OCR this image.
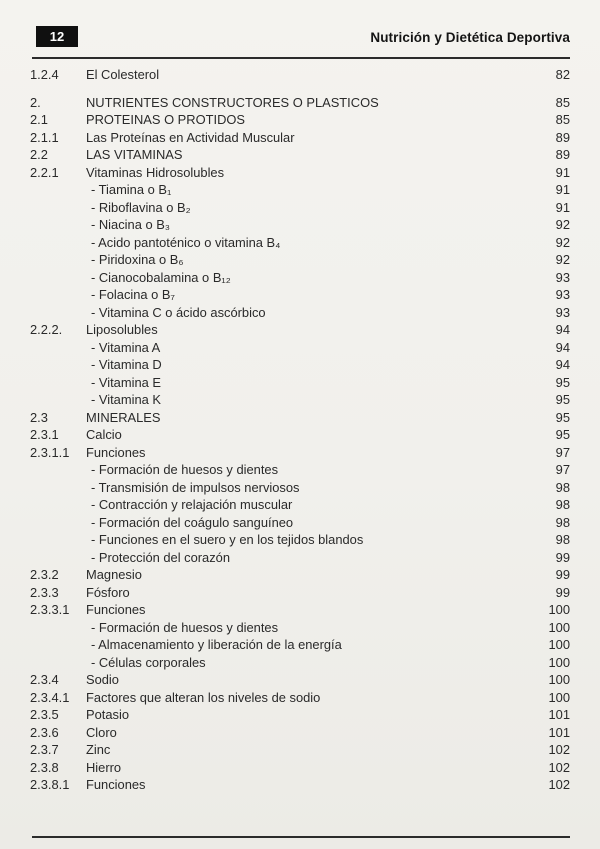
12	Nutrición y Dietética Deportiva
1.2.4	El Colesterol	82
2.	NUTRIENTES CONSTRUCTORES O PLASTICOS	85
2.1	PROTEINAS O PROTIDOS	85
2.1.1	Las Proteínas en Actividad Muscular	89
2.2	LAS VITAMINAS	89
2.2.1	Vitaminas Hidrosolubles	91
- Tiamina o B₁	91
- Riboflavina o B₂	91
- Niacina o B₃	92
- Acido pantoténico o vitamina B₄	92
- Piridoxina o B₆	92
- Cianocobalamina o B₁₂	93
- Folacina o B₇	93
- Vitamina C o ácido ascórbico	93
2.2.2.	Liposolubles	94
- Vitamina A	94
- Vitamina D	94
- Vitamina E	95
- Vitamina K	95
2.3	MINERALES	95
2.3.1	Calcio	95
2.3.1.1	Funciones	97
- Formación de huesos y dientes	97
- Transmisión de impulsos nerviosos	98
- Contracción y relajación muscular	98
- Formación del coágulo sanguíneo	98
- Funciones en el suero y en los tejidos blandos	98
- Protección del corazón	99
2.3.2	Magnesio	99
2.3.3	Fósforo	99
2.3.3.1	Funciones	100
- Formación de huesos y dientes	100
- Almacenamiento y liberación de la energía	100
- Células corporales	100
2.3.4	Sodio	100
2.3.4.1	Factores que alteran los niveles de sodio	100
2.3.5	Potasio	101
2.3.6	Cloro	101
2.3.7	Zinc	102
2.3.8	Hierro	102
2.3.8.1	Funciones	102
